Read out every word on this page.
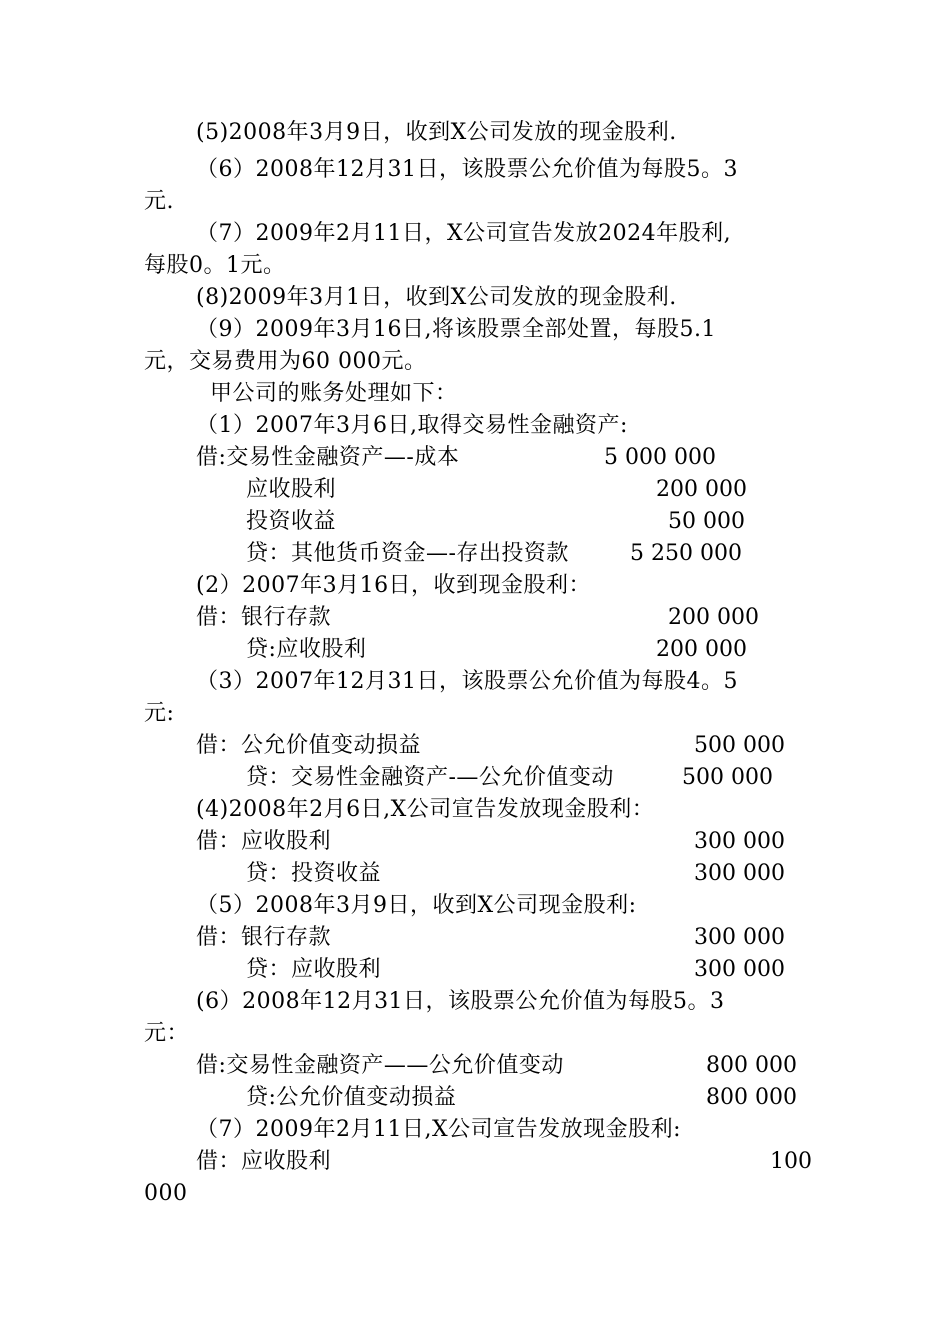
(5)2008年3月9日，收到X公司发放的现金股利.
（6）2008年12月31日，该股票公允价值为每股5。3
元.
（7）2009年2月11日，X公司宣告发放2024年股利,
每股0。1元。
(8)2009年3月1日，收到X公司发放的现金股利.
（9）2009年3月16日,将该股票全部处置，每股5.1
元，交易费用为60 000元。
甲公司的账务处理如下：
（1）2007年3月6日,取得交易性金融资产:
借:交易性金融资产—-成本	5 000 000
应收股利	200 000
投资收益	50 000
贷：其他货币资金—-存出投资款	5 250 000
(2）2007年3月16日，收到现金股利：
借：银行存款	200 000
贷:应收股利	200 000
（3）2007年12月31日，该股票公允价值为每股4。5
元:
借：公允价值变动损益	500 000
贷：交易性金融资产-—公允价值变动	500 000
(4)2008年2月6日,X公司宣告发放现金股利：
借：应收股利	300 000
贷：投资收益	300 000
（5）2008年3月9日，收到X公司现金股利:
借：银行存款	300 000
贷：应收股利	300 000
(6）2008年12月31日，该股票公允价值为每股5。3
元：
借:交易性金融资产——公允价值变动	800 000
贷:公允价值变动损益	800 000
（7）2009年2月11日,X公司宣告发放现金股利:
借：应收股利	100
000
